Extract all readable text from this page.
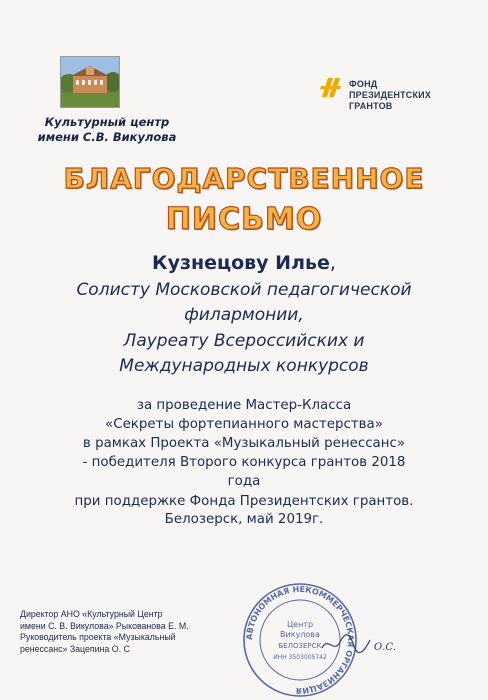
Культурный центр
имени С.В. Викулова
ФОНД
ПРЕЗИДЕНТСКИХ
ГРАНТОВ
БЛАГОДАРСТВЕННОЕ
ПИСЬМО
Кузнецову Илье,
Солисту Московской педагогической
филармонии,
Лауреату Всероссийских и
Международных конкурсов
за проведение Мастер-Класса
«Секреты фортепианного мастерства»
в рамках Проекта «Музыкальный ренессанс»
- победителя Второго конкурса грантов 2018
года
при поддержке Фонда Президентских грантов.
Белозерск, май 2019г.
АВТОНОМНАЯ НЕКОММЕРЧЕСКАЯ ОРГАНИЗАЦИЯ
Центр
Викулова
БЕЛОЗЕРСК
ИНН 3503005742
О.С.
Директор АНО «Культурный Центр
имени С. В. Викулова» Рыкованова Е. М.
Руководитель проекта «Музыкальный
ренессанс» Зацепина О. С
